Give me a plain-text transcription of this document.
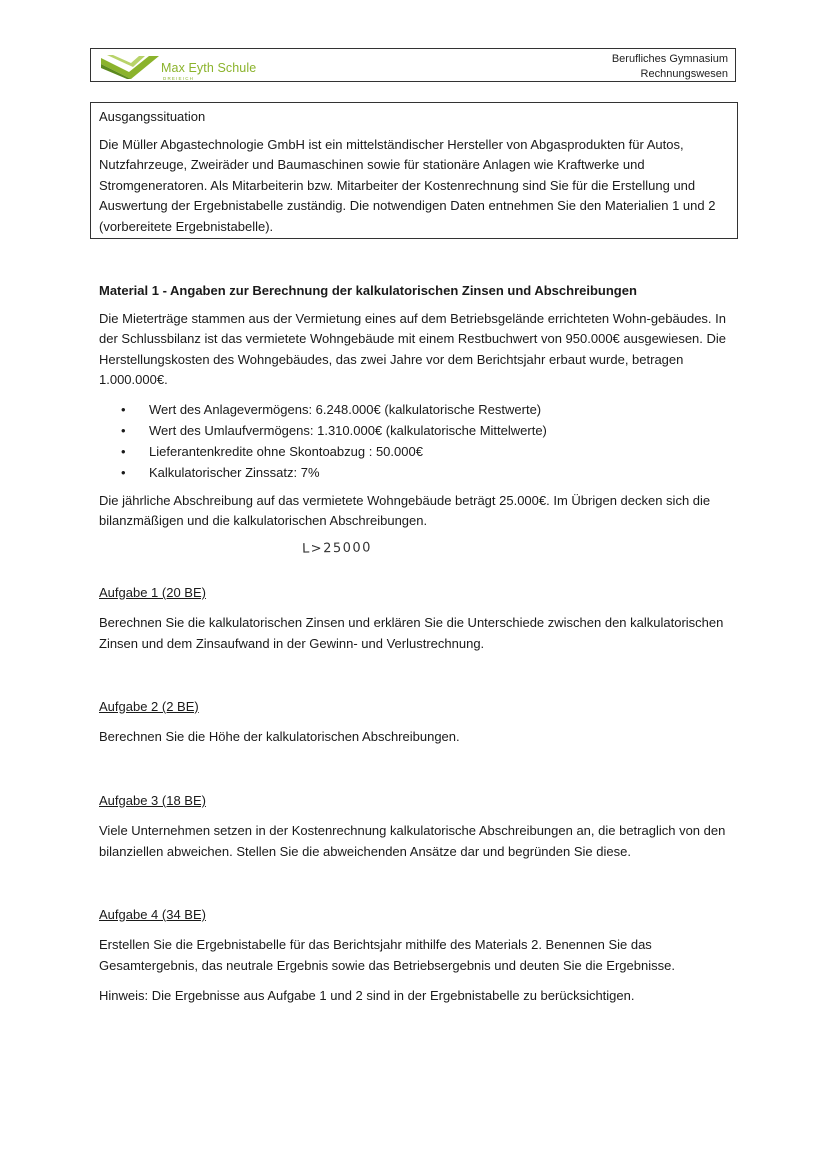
Max Eyth Schule
DREIEICH
Berufliches Gymnasium
Rechnungswesen
Ausgangssituation

Die Müller Abgastechnologie GmbH ist ein mittelständischer Hersteller von Abgasprodukten für Autos, Nutzfahrzeuge, Zweiräder und Baumaschinen sowie für stationäre Anlagen wie Kraftwerke und Stromgeneratoren. Als Mitarbeiterin bzw. Mitarbeiter der Kostenrechnung sind Sie für die Erstellung und Auswertung der Ergebnistabelle zuständig. Die notwendigen Daten entnehmen Sie den Materialien 1 und 2 (vorbereitete Ergebnistabelle).

Material 1 - Angaben zur Berechnung der kalkulatorischen Zinsen und Abschreibungen

Die Mieterträge stammen aus der Vermietung eines auf dem Betriebsgelände errichteten Wohn-gebäudes. In der Schlussbilanz ist das vermietete Wohngebäude mit einem Restbuchwert von 950.000€ ausgewiesen. Die Herstellungskosten des Wohngebäudes, das zwei Jahre vor dem Berichtsjahr erbaut wurde, betragen 1.000.000€.

• Wert des Anlagevermögens: 6.248.000€ (kalkulatorische Restwerte)
• Wert des Umlaufvermögens: 1.310.000€ (kalkulatorische Mittelwerte)
• Lieferantenkredite ohne Skontoabzug : 50.000€
• Kalkulatorischer Zinssatz: 7%

Die jährliche Abschreibung auf das vermietete Wohngebäude beträgt 25.000€. Im Übrigen decken sich die bilanzmäßigen und die kalkulatorischen Abschreibungen.

L>25000

Aufgabe 1 (20 BE)

Berechnen Sie die kalkulatorischen Zinsen und erklären Sie die Unterschiede zwischen den kalkulatorischen Zinsen und dem Zinsaufwand in der Gewinn- und Verlustrechnung.

Aufgabe 2 (2 BE)

Berechnen Sie die Höhe der kalkulatorischen Abschreibungen.

Aufgabe 3 (18 BE)

Viele Unternehmen setzen in der Kostenrechnung kalkulatorische Abschreibungen an, die betraglich von den bilanziellen abweichen. Stellen Sie die abweichenden Ansätze dar und begründen Sie diese.

Aufgabe 4 (34 BE)

Erstellen Sie die Ergebnistabelle für das Berichtsjahr mithilfe des Materials 2. Benennen Sie das Gesamtergebnis, das neutrale Ergebnis sowie das Betriebsergebnis und deuten Sie die Ergebnisse.

Hinweis: Die Ergebnisse aus Aufgabe 1 und 2 sind in der Ergebnistabelle zu berücksichtigen.
